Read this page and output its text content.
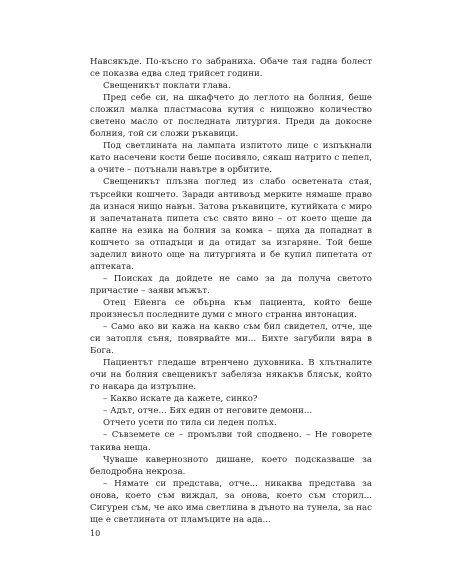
Навсякъде. По-късно го забраниха. Обаче тая гадна болест се показва едва след трийсет години.

Свещеникът поклати глава.

Пред себе си, на шкафчето до леглото на болния, беше сложил малка пластмасова кутия с нищожно количество светено масло от последната литургия. Преди да докосне болния, той си сложи ръкавици.

Под светлината на лампата изпитото лице с изпъкнали като насечени кости беше посивяло, сякаш натрито с пепел, а очите – потънали навътре в орбитите.

Свещеникът плъзна поглед из слабо осветената стая, търсейки кошчето. Заради антивоъд мерките нямаше право да изнася нищо навън. Затова ръкавиците, кутийката с миро и запечатаната пипета със свято вино – от което щеше да капне на езика на болния за комка – щяха да попаднат в кошчето за отпадъци и да отидат за изгаряне. Той беше заделил виното още на литургията и бе купил пипетата от аптеката.

– Поискаx да дойдете не само за да получа светото причастие – заяви мъжът.

Отец Ейенга се обърна към пациента, който беше произнесъл последните думи с много странна интонация.

– Само ако ви кажа на какво съм бил свидетел, отче, ще си затопля съня, повярвайте ми... Бихте загубили вяра в Бога.

Пациентът гледаше втренчено духовника. В хлътналите очи на болния свещеникът забеляза някакъв блясък, който го накара да изтръпне.

– Какво искате да кажете, синко?

– Адът, отче... Бях един от неговите демони...

Отчето усети по тила си леден полъх.

– Съвземете се – промълви той сподвено. – Не говорете такива неща.

Чуваше кавернозното дишане, което подсказваше за белодробна некроза.

– Нямате си представа, отче... никаква представа за онова, което съм виждал, за онова, което съм сторил... Сигурен съм, че ако има светлина в дъното на тунела, за нас ще е светлината от пламъците на ада...

10
